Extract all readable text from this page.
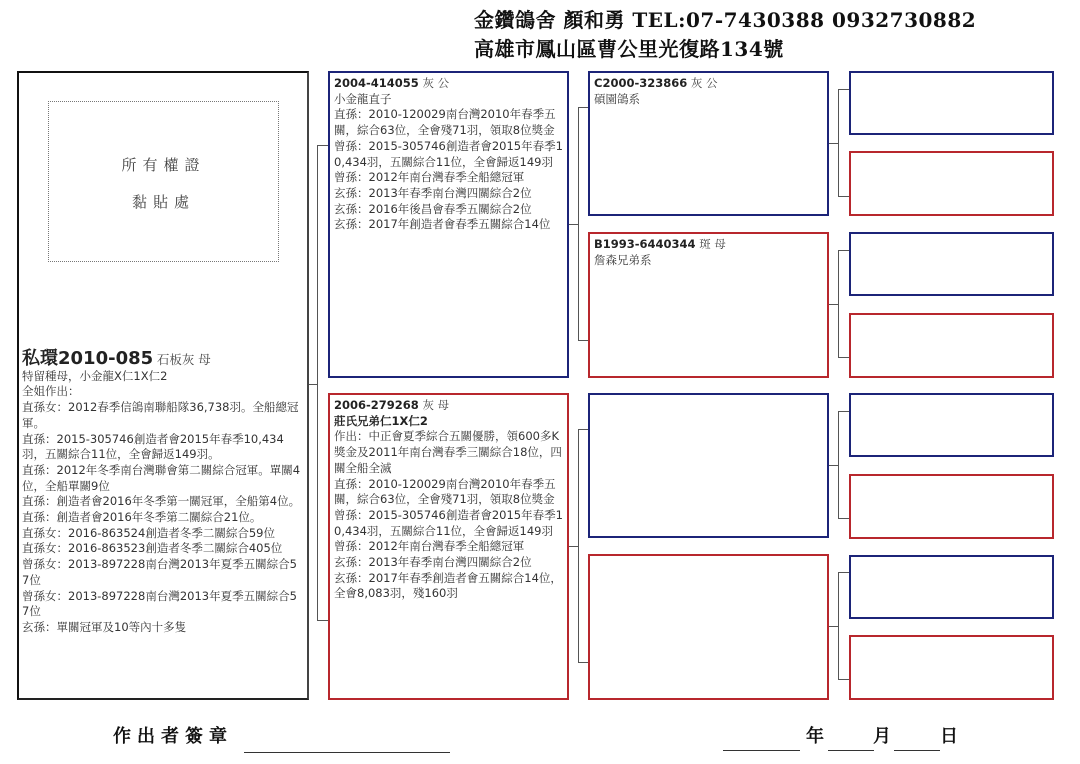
金鑽鴿舍 顏和勇 TEL:07-7430388 0932730882
高雄市鳳山區曹公里光復路134號
所有權證
黏貼處
私環2010-085 石板灰 母
特留種母，小金龍X仁1X仁2
全姐作出：
直孫女：2012春季信鴿南聯船隊36,738羽。全船總冠軍。
直孫：2015-305746創造者會2015年春季10,434羽，五關綜合11位，全會歸返149羽。
直孫：2012年冬季南台灣聯會第二關綜合冠軍。單關4位，全船單關9位
直孫：創造者會2016年冬季第一關冠軍，全船第4位。
直孫：創造者會2016年冬季第二關綜合21位。
直孫女：2016-863524創造者冬季二關綜合59位
直孫女：2016-863523創造者冬季二關綜合405位
曾孫女：2013-897228南台灣2013年夏季五關綜合57位
曾孫女：2013-897228南台灣2013年夏季五關綜合57位
玄孫：單關冠軍及10等內十多隻
2004-414055 灰 公
小金龍直子
直孫：2010-120029南台灣2010年春季五關，綜合63位，全會殘71羽，領取8位獎金
曾孫：2015-305746創造者會2015年春季10,434羽，五關綜合11位，全會歸返149羽
曾孫：2012年南台灣春季全船總冠軍
玄孫：2013年春季南台灣四關綜合2位
玄孫：2016年後昌會春季五關綜合2位
玄孫：2017年創造者會春季五關綜合14位
2006-279268 灰 母
莊氏兄弟仁1X仁2
作出：中正會夏季綜合五關優勝，領600多K獎金及2011年南台灣春季三關綜合18位，四關全船全滅
直孫：2010-120029南台灣2010年春季五關，綜合63位，全會殘71羽，領取8位獎金
曾孫：2015-305746創造者會2015年春季10,434羽，五關綜合11位，全會歸返149羽
曾孫：2012年南台灣春季全船總冠軍
玄孫：2013年春季南台灣四關綜合2位
玄孫：2017年春季創造者會五關綜合14位，全會8,083羽，殘160羽
C2000-323866 灰 公
碩園鴿系
B1993-6440344 斑 母
詹森兄弟系
作出者簽章	年	月	日
